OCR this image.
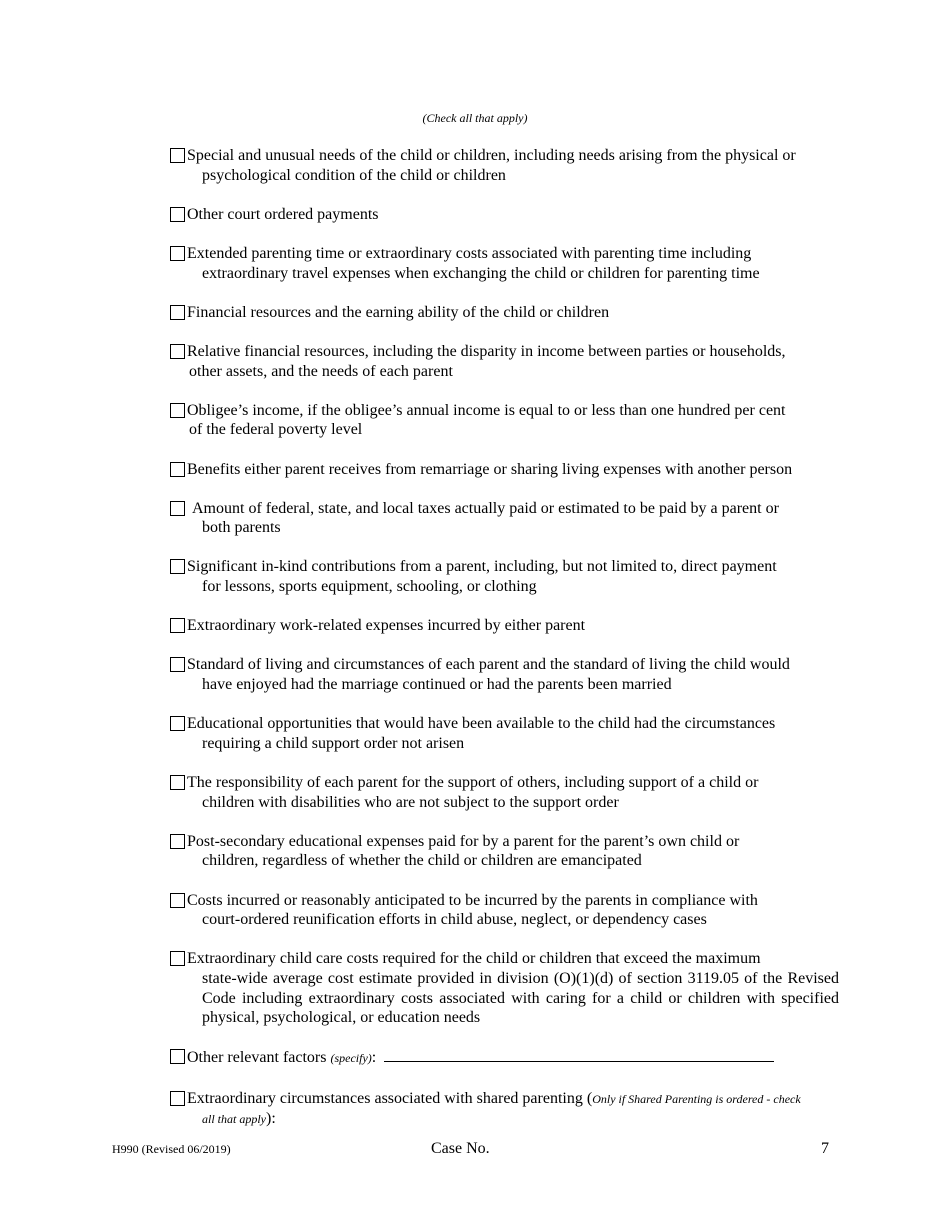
(Check all that apply)
Special and unusual needs of the child or children, including needs arising from the physical or
psychological condition of the child or children
Other court ordered payments
Extended parenting time or extraordinary costs associated with parenting time including
extraordinary travel expenses when exchanging the child or children for parenting time
Financial resources and the earning ability of the child or children
Relative financial resources, including the disparity in income between parties or households,
other assets, and the needs of each parent
Obligee’s income, if the obligee’s annual income is equal to or less than one hundred per cent
of the federal poverty level
Benefits either parent receives from remarriage or sharing living expenses with another person
Amount of federal, state, and local taxes actually paid or estimated to be paid by a parent or
both parents
Significant in-kind contributions from a parent, including, but not limited to, direct payment
for lessons, sports equipment, schooling, or clothing
Extraordinary work-related expenses incurred by either parent
Standard of living and circumstances of each parent and the standard of living the child would
have enjoyed had the marriage continued or had the parents been married
Educational opportunities that would have been available to the child had the circumstances
requiring a child support order not arisen
The responsibility of each parent for the support of others, including support of a child or
children with disabilities who are not subject to the support order
Post-secondary educational expenses paid for by a parent for the parent’s own child or
children, regardless of whether the child or children are emancipated
Costs incurred or reasonably anticipated to be incurred by the parents in compliance with
court-ordered reunification efforts in child abuse, neglect, or dependency cases
Extraordinary child care costs required for the child or children that exceed the maximum
state-wide average cost estimate provided in division (O)(1)(d) of section 3119.05 of the Revised Code including extraordinary costs associated with caring for a child or children with specified physical, psychological, or education needs
Other relevant factors (specify):
Extraordinary circumstances associated with shared parenting (Only if Shared Parenting is ordered - check
all that apply):
H990 (Revised 06/2019)	Case No.	7
